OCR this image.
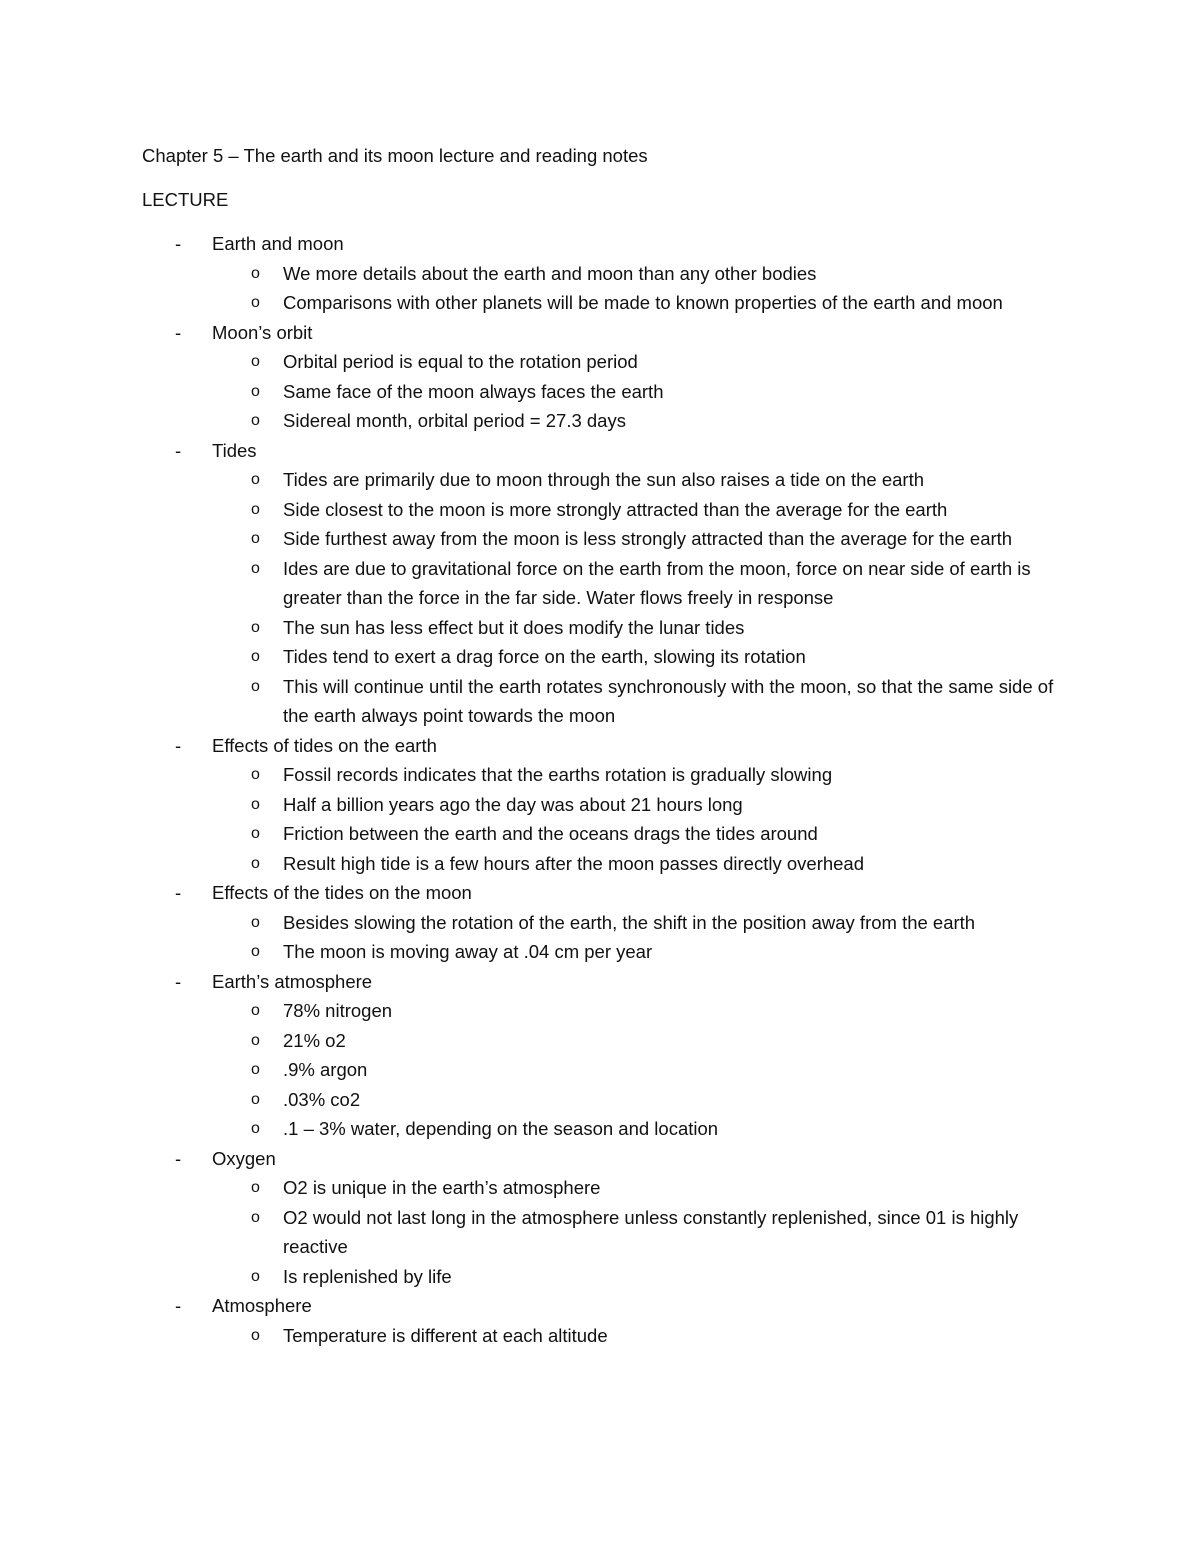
Chapter 5 – The earth and its moon lecture and reading notes
LECTURE
- Earth and moon
o We more details about the earth and moon than any other bodies
o Comparisons with other planets will be made to known properties of the earth and moon
- Moon’s orbit
o Orbital period is equal to the rotation period
o Same face of the moon always faces the earth
o Sidereal month, orbital period = 27.3 days
- Tides
o Tides are primarily due to moon through the sun also raises a tide on the earth
o Side closest to the moon is more strongly attracted than the average for the earth
o Side furthest away from the moon is less strongly attracted than the average for the earth
o Ides are due to gravitational force on the earth from the moon, force on near side of earth is greater than the force in the far side. Water flows freely in response
o The sun has less effect but it does modify the lunar tides
o Tides tend to exert a drag force on the earth, slowing its rotation
o This will continue until the earth rotates synchronously with the moon, so that the same side of the earth always point towards the moon
- Effects of tides on the earth
o Fossil records indicates that the earths rotation is gradually slowing
o Half a billion years ago the day was about 21 hours long
o Friction between the earth and the oceans drags the tides around
o Result high tide is a few hours after the moon passes directly overhead
- Effects of the tides on the moon
o Besides slowing the rotation of the earth, the shift in the position away from the earth
o The moon is moving away at .04 cm per year
- Earth’s atmosphere
o 78% nitrogen
o 21% o2
o .9% argon
o .03% co2
o .1 – 3% water, depending on the season and location
- Oxygen
o O2 is unique in the earth’s atmosphere
o O2 would not last long in the atmosphere unless constantly replenished, since 01 is highly reactive
o Is replenished by life
- Atmosphere
o Temperature is different at each altitude
